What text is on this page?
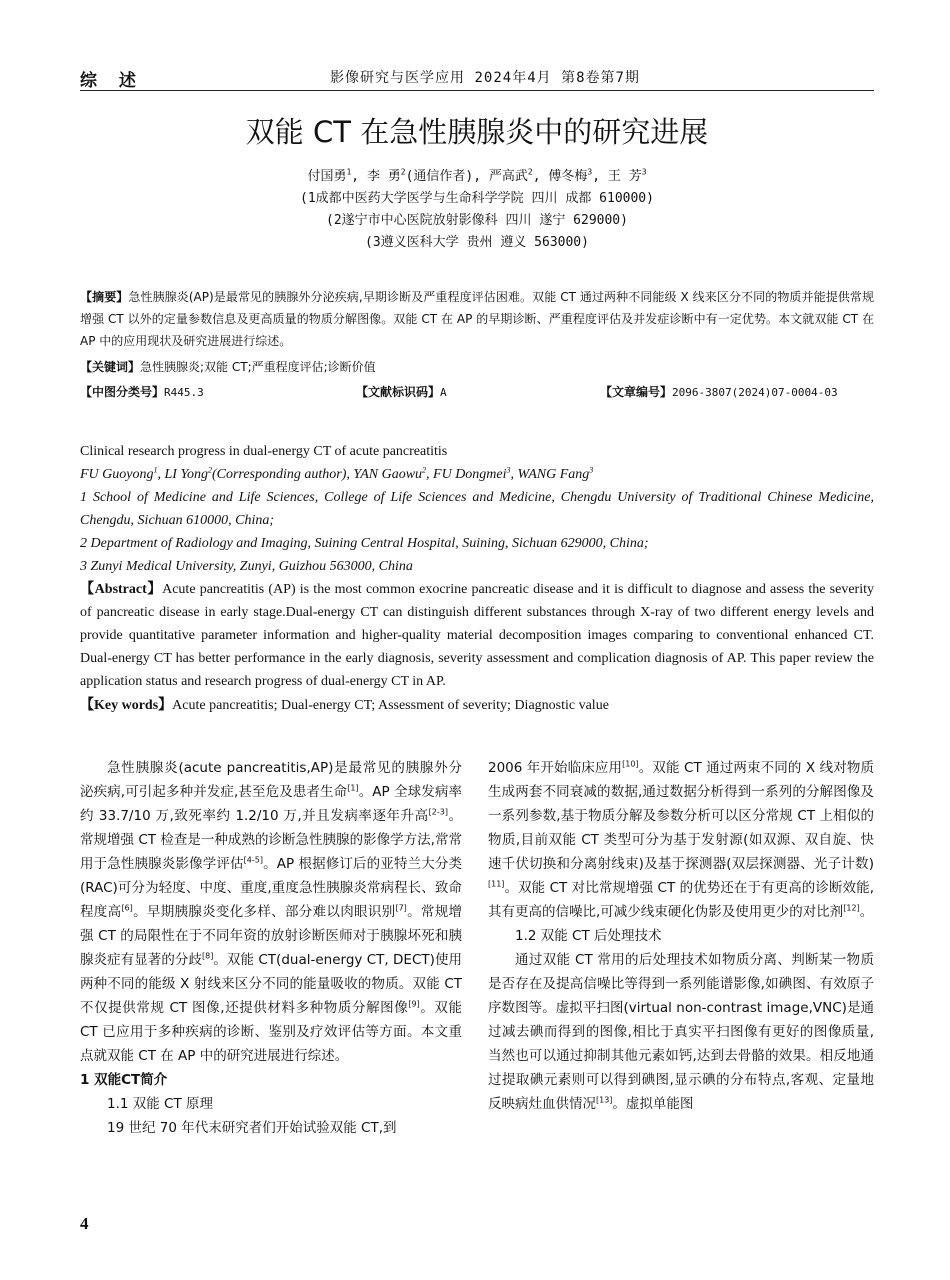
综 述	影像研究与医学应用 2024年4月 第8卷第7期
双能 CT 在急性胰腺炎中的研究进展
付国勇$^1$, 李 勇$^2$(通信作者), 严高武$^2$, 傅冬梅$^3$, 王 芳$^3$
(1成都中医药大学医学与生命科学学院 四川 成都 610000)
(2遂宁市中心医院放射影像科 四川 遂宁 629000)
(3遵义医科大学 贵州 遵义 563000)
【摘要】急性胰腺炎(AP)是最常见的胰腺外分泌疾病,早期诊断及严重程度评估困难。双能 CT 通过两种不同能级 X 线来区分不同的物质并能提供常规增强 CT 以外的定量参数信息及更高质量的物质分解图像。双能 CT 在 AP 的早期诊断、严重程度评估及并发症诊断中有一定优势。本文就双能 CT 在 AP 中的应用现状及研究进展进行综述。
【关键词】急性胰腺炎;双能 CT;严重程度评估;诊断价值
【中图分类号】R445.3	【文献标识码】A	【文章编号】2096-3807(2024)07-0004-03
Clinical research progress in dual-energy CT of acute pancreatitis
FU Guoyong$^1$, LI Yong$^2$(Corresponding author), YAN Gaowu$^2$, FU Dongmei$^3$, WANG Fang$^3$
1 School of Medicine and Life Sciences, College of Life Sciences and Medicine, Chengdu University of Traditional Chinese Medicine, Chengdu, Sichuan 610000, China;
2 Department of Radiology and Imaging, Suining Central Hospital, Suining, Sichuan 629000, China;
3 Zunyi Medical University, Zunyi, Guizhou 563000, China
【Abstract】Acute pancreatitis (AP) is the most common exocrine pancreatic disease and it is difficult to diagnose and assess the severity of pancreatic disease in early stage.Dual-energy CT can distinguish different substances through X-ray of two different energy levels and provide quantitative parameter information and higher-quality material decomposition images comparing to conventional enhanced CT. Dual-energy CT has better performance in the early diagnosis, severity assessment and complication diagnosis of AP. This paper review the application status and research progress of dual-energy CT in AP.
【Key words】Acute pancreatitis; Dual-energy CT; Assessment of severity; Diagnostic value

急性胰腺炎(acute pancreatitis,AP)是最常见的胰腺外分泌疾病,可引起多种并发症,甚至危及患者生命[1]。AP 全球发病率约 33.7/10 万,致死率约 1.2/10 万,并且发病率逐年升高[2-3]。常规增强 CT 检查是一种成熟的诊断急性胰腺的影像学方法,常常用于急性胰腺炎影像学评估[4-5]。AP 根据修订后的亚特兰大分类(RAC)可分为轻度、中度、重度,重度急性胰腺炎常病程长、致命程度高[6]。早期胰腺炎变化多样、部分难以肉眼识别[7]。常规增强 CT 的局限性在于不同年资的放射诊断医师对于胰腺坏死和胰腺炎症有显著的分歧[8]。双能 CT(dual-energy CT, DECT)使用两种不同的能级 X 射线来区分不同的能量吸收的物质。双能 CT 不仅提供常规 CT 图像,还提供材料多种物质分解图像[9]。双能 CT 已应用于多种疾病的诊断、鉴别及疗效评估等方面。本文重点就双能 CT 在 AP 中的研究进展进行综述。

1 双能CT简介

1.1 双能 CT 原理

19 世纪 70 年代末研究者们开始试验双能 CT,到

2006 年开始临床应用[10]。双能 CT 通过两束不同的 X 线对物质生成两套不同衰减的数据,通过数据分析得到一系列的分解图像及一系列参数,基于物质分解及参数分析可以区分常规 CT 上相似的物质,目前双能 CT 类型可分为基于发射源(如双源、双自旋、快速千伏切换和分离射线束)及基于探测器(双层探测器、光子计数)[11]。双能 CT 对比常规增强 CT 的优势还在于有更高的诊断效能,其有更高的信噪比,可减少线束硬化伪影及使用更少的对比剂[12]。

1.2 双能 CT 后处理技术

通过双能 CT 常用的后处理技术如物质分离、判断某一物质是否存在及提高信噪比等得到一系列能谱影像,如碘图、有效原子序数图等。虚拟平扫图(virtual non-contrast image,VNC)是通过减去碘而得到的图像,相比于真实平扫图像有更好的图像质量,当然也可以通过抑制其他元素如钙,达到去骨骼的效果。相反地通过提取碘元素则可以得到碘图,显示碘的分布特点,客观、定量地反映病灶血供情况[13]。虚拟单能图

4
